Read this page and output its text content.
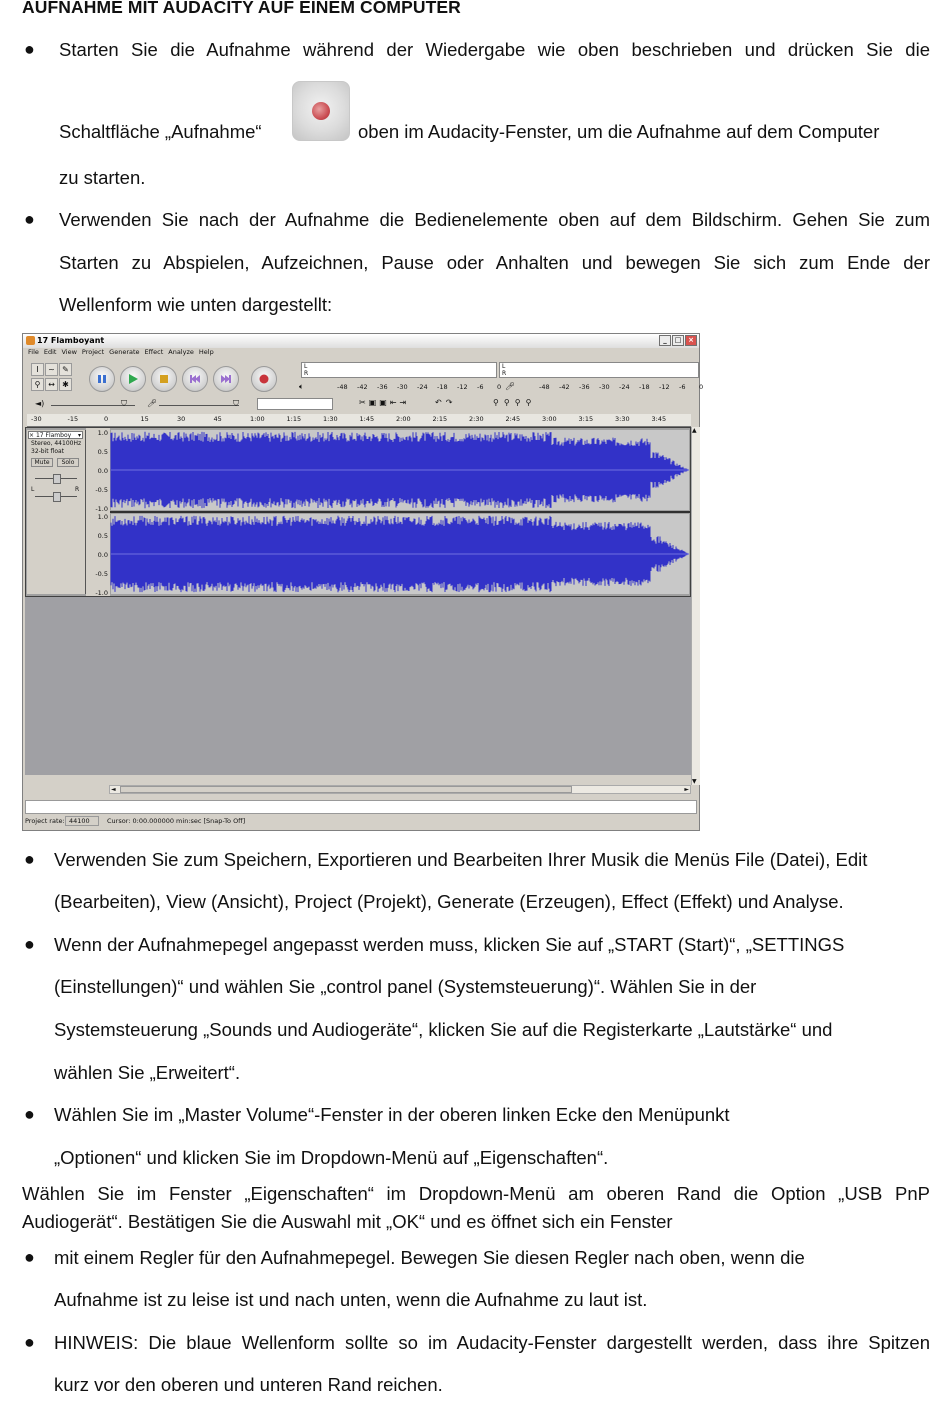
AUFNAHME MIT AUDACITY AUF EINEM COMPUTER
● Starten Sie die Aufnahme während der Wiedergabe wie oben beschrieben und drücken Sie die
Schaltfläche „Aufnahme“	oben im Audacity-Fenster, um die Aufnahme auf dem Computer
zu starten.
● Verwenden Sie nach der Aufnahme die Bedienelemente oben auf dem Bildschirm. Gehen Sie zum
Starten zu Abspielen, Aufzeichnen, Pause oder Anhalten und bewegen Sie sich zum Ende der
Wellenform wie unten dargestellt:
17 Flamboyant	_	□ ×
File Edit View Project Generate Effect Analyze Help
I	~ ✎
⚲ ↔ ✱
L
R
L
R
-48 -42 -36 -30 -24 -18 -12 -6 0	-48 -42 -36 -30 -24 -18 -12 -6 0
🔈︎	🎤︎
◄)	⛉	🎤︎	⛉	✂▣▣⇤⇥	↶↷	⚲⚲⚲⚲
-30	-15	0	15	30	45	1:00	1:15	1:30	1:45	2:00	2:15	2:30	2:45	3:00	3:15	3:30	3:45
× 17 Flamboy ▾
Stereo, 44100Hz
32-bit float
Mute	Solo
L	R
1.0
0.5
0.0
-0.5
-1.0
1.0
0.5
0.0
-0.5
-1.0
▲
▼
◄	►
Project rate: 44100	Cursor: 0:00.000000 min:sec [Snap-To Off]
● Verwenden Sie zum Speichern, Exportieren und Bearbeiten Ihrer Musik die Menüs File (Datei), Edit
(Bearbeiten), View (Ansicht), Project (Projekt), Generate (Erzeugen), Effect (Effekt) und Analyse.
● Wenn der Aufnahmepegel angepasst werden muss, klicken Sie auf „START (Start)“, „SETTINGS
(Einstellungen)“ und wählen Sie „control panel (Systemsteuerung)“. Wählen Sie in der
Systemsteuerung „Sounds und Audiogeräte“, klicken Sie auf die Registerkarte „Lautstärke“ und
wählen Sie „Erweitert“.
● Wählen Sie im „Master Volume“-Fenster in der oberen linken Ecke den Menüpunkt
„Optionen“ und klicken Sie im Dropdown-Menü auf „Eigenschaften“.
Wählen Sie im Fenster „Eigenschaften“ im Dropdown-Menü am oberen Rand die Option „USB PnP
Audiogerät“. Bestätigen Sie die Auswahl mit „OK“ und es öffnet sich ein Fenster
● mit einem Regler für den Aufnahmepegel. Bewegen Sie diesen Regler nach oben, wenn die
Aufnahme ist zu leise ist und nach unten, wenn die Aufnahme zu laut ist.
● HINWEIS: Die blaue Wellenform sollte so im Audacity-Fenster dargestellt werden, dass ihre Spitzen
kurz vor den oberen und unteren Rand reichen.
